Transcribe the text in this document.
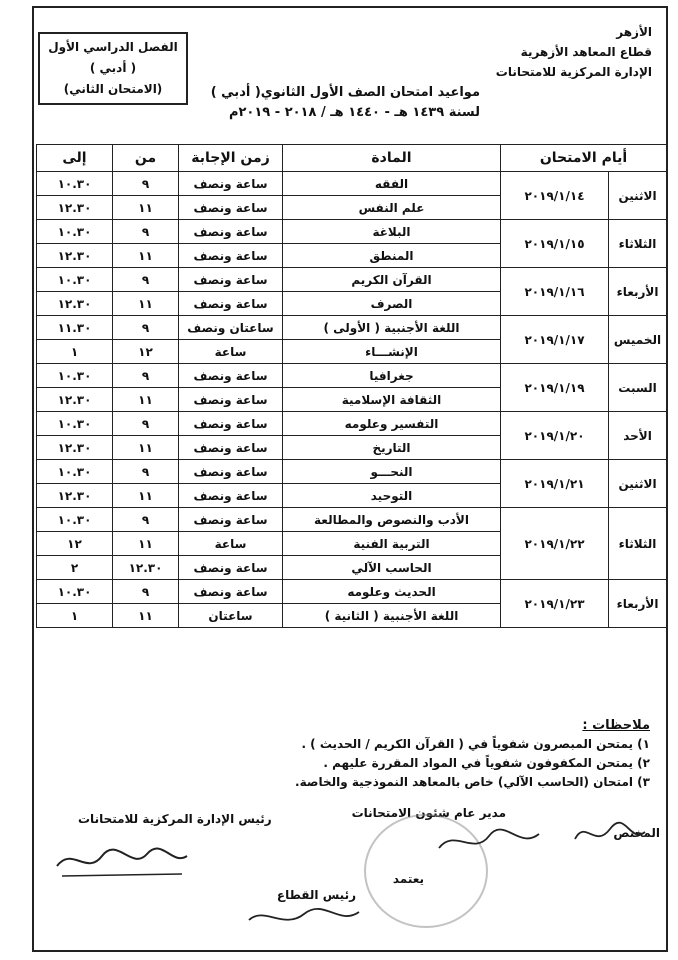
الأزهر
قطاع المعاهد الأزهرية
الإدارة المركزية للامتحانات
مواعيد امتحان الصف الأول الثانوي( أدبي )
لسنة ١٤٣٩ هـ - ١٤٤٠ هـ / ٢٠١٨ - ٢٠١٩م
الفصل الدراسي الأول
( أدبي )
(الامتحان الثاني)
أيام الامتحان		المادة	زمن الإجابة	من	إلى
الاثنين	٢٠١٩/١/١٤	الفقه	ساعة ونصف	٩	١٠.٣٠
		علم النفس	ساعة ونصف	١١	١٢.٣٠
الثلاثاء	٢٠١٩/١/١٥	البلاغة	ساعة ونصف	٩	١٠.٣٠
		المنطق	ساعة ونصف	١١	١٢.٣٠
الأربعاء	٢٠١٩/١/١٦	القرآن الكريم	ساعة ونصف	٩	١٠.٣٠
		الصرف	ساعة ونصف	١١	١٢.٣٠
الخميس	٢٠١٩/١/١٧	اللغة الأجنبية ( الأولى )	ساعتان ونصف	٩	١١.٣٠
		الإنشـــاء	ساعة	١٢	١
السبت	٢٠١٩/١/١٩	جغرافيا	ساعة ونصف	٩	١٠.٣٠
		الثقافة الإسلامية	ساعة ونصف	١١	١٢.٣٠
الأحد	٢٠١٩/١/٢٠	التفسير وعلومه	ساعة ونصف	٩	١٠.٣٠
		التاريخ	ساعة ونصف	١١	١٢.٣٠
الاثنين	٢٠١٩/١/٢١	النحـــو	ساعة ونصف	٩	١٠.٣٠
		التوحيد	ساعة ونصف	١١	١٢.٣٠
الثلاثاء	٢٠١٩/١/٢٢	الأدب والنصوص والمطالعة	ساعة ونصف	٩	١٠.٣٠
		التربية الفنية	ساعة	١١	١٢
		الحاسب الآلي	ساعة ونصف	١٢.٣٠	٢
الأربعاء	٢٠١٩/١/٢٣	الحديث وعلومه	ساعة ونصف	٩	١٠.٣٠
		اللغة الأجنبية ( الثانية )	ساعتان	١١	١
ملاحظات :
١) يمتحن المبصرون شفوياً في ( القرآن الكريم / الحديث ) .
٢) يمتحن المكفوفون شفوياً في المواد المقررة عليهم .
٣) امتحان (الحاسب الآلي) خاص بالمعاهد النموذجية والخاصة.
المختص
مدير عام شئون الامتحانات
رئيس الإدارة المركزية للامتحانات
يعتمد
رئيس القطاع
